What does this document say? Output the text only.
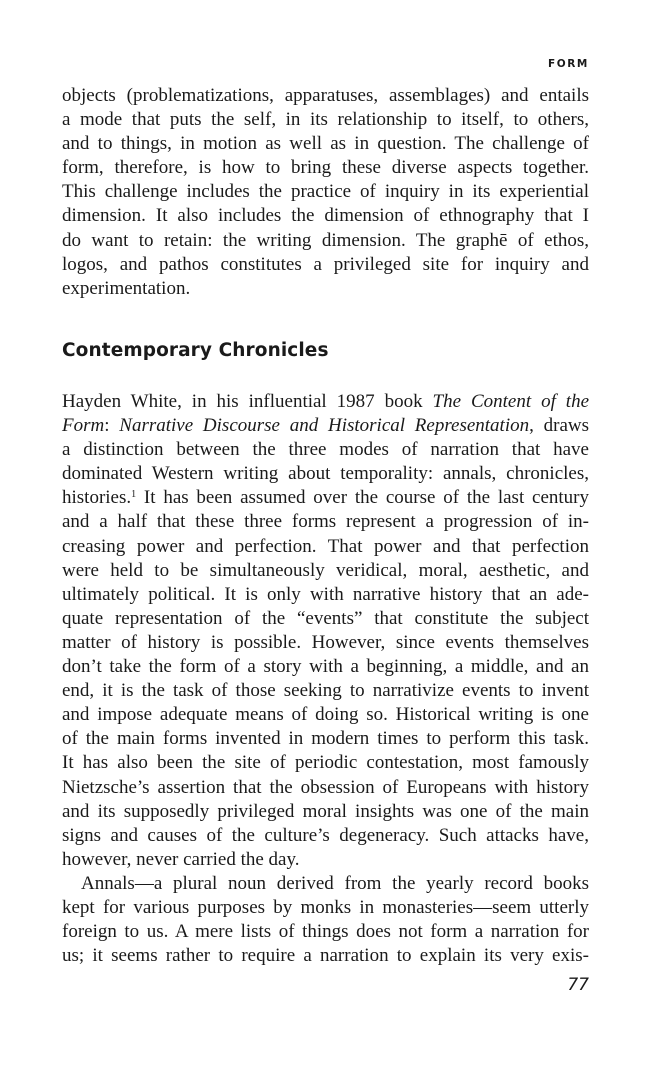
FORM
objects (problematizations, apparatuses, assemblages) and entails
a mode that puts the self, in its relationship to itself, to others,
and to things, in motion as well as in question. The challenge of
form, therefore, is how to bring these diverse aspects together.
This challenge includes the practice of inquiry in its experiential
dimension. It also includes the dimension of ethnography that I
do want to retain: the writing dimension. The graphē of ethos,
logos, and pathos constitutes a privileged site for inquiry and
experimentation.
Contemporary Chronicles
Hayden White, in his influential 1987 book The Content of the
Form: Narrative Discourse and Historical Representation, draws
a distinction between the three modes of narration that have
dominated Western writing about temporality: annals, chronicles,
histories.$^1$ It has been assumed over the course of the last century
and a half that these three forms represent a progression of in-
creasing power and perfection. That power and that perfection
were held to be simultaneously veridical, moral, aesthetic, and
ultimately political. It is only with narrative history that an ade-
quate representation of the “events” that constitute the subject
matter of history is possible. However, since events themselves
don’t take the form of a story with a beginning, a middle, and an
end, it is the task of those seeking to narrativize events to invent
and impose adequate means of doing so. Historical writing is one
of the main forms invented in modern times to perform this task.
It has also been the site of periodic contestation, most famously
Nietzsche’s assertion that the obsession of Europeans with history
and its supposedly privileged moral insights was one of the main
signs and causes of the culture’s degeneracy. Such attacks have,
however, never carried the day.
Annals—a plural noun derived from the yearly record books
kept for various purposes by monks in monasteries—seem utterly
foreign to us. A mere lists of things does not form a narration for
us; it seems rather to require a narration to explain its very exis-
77
